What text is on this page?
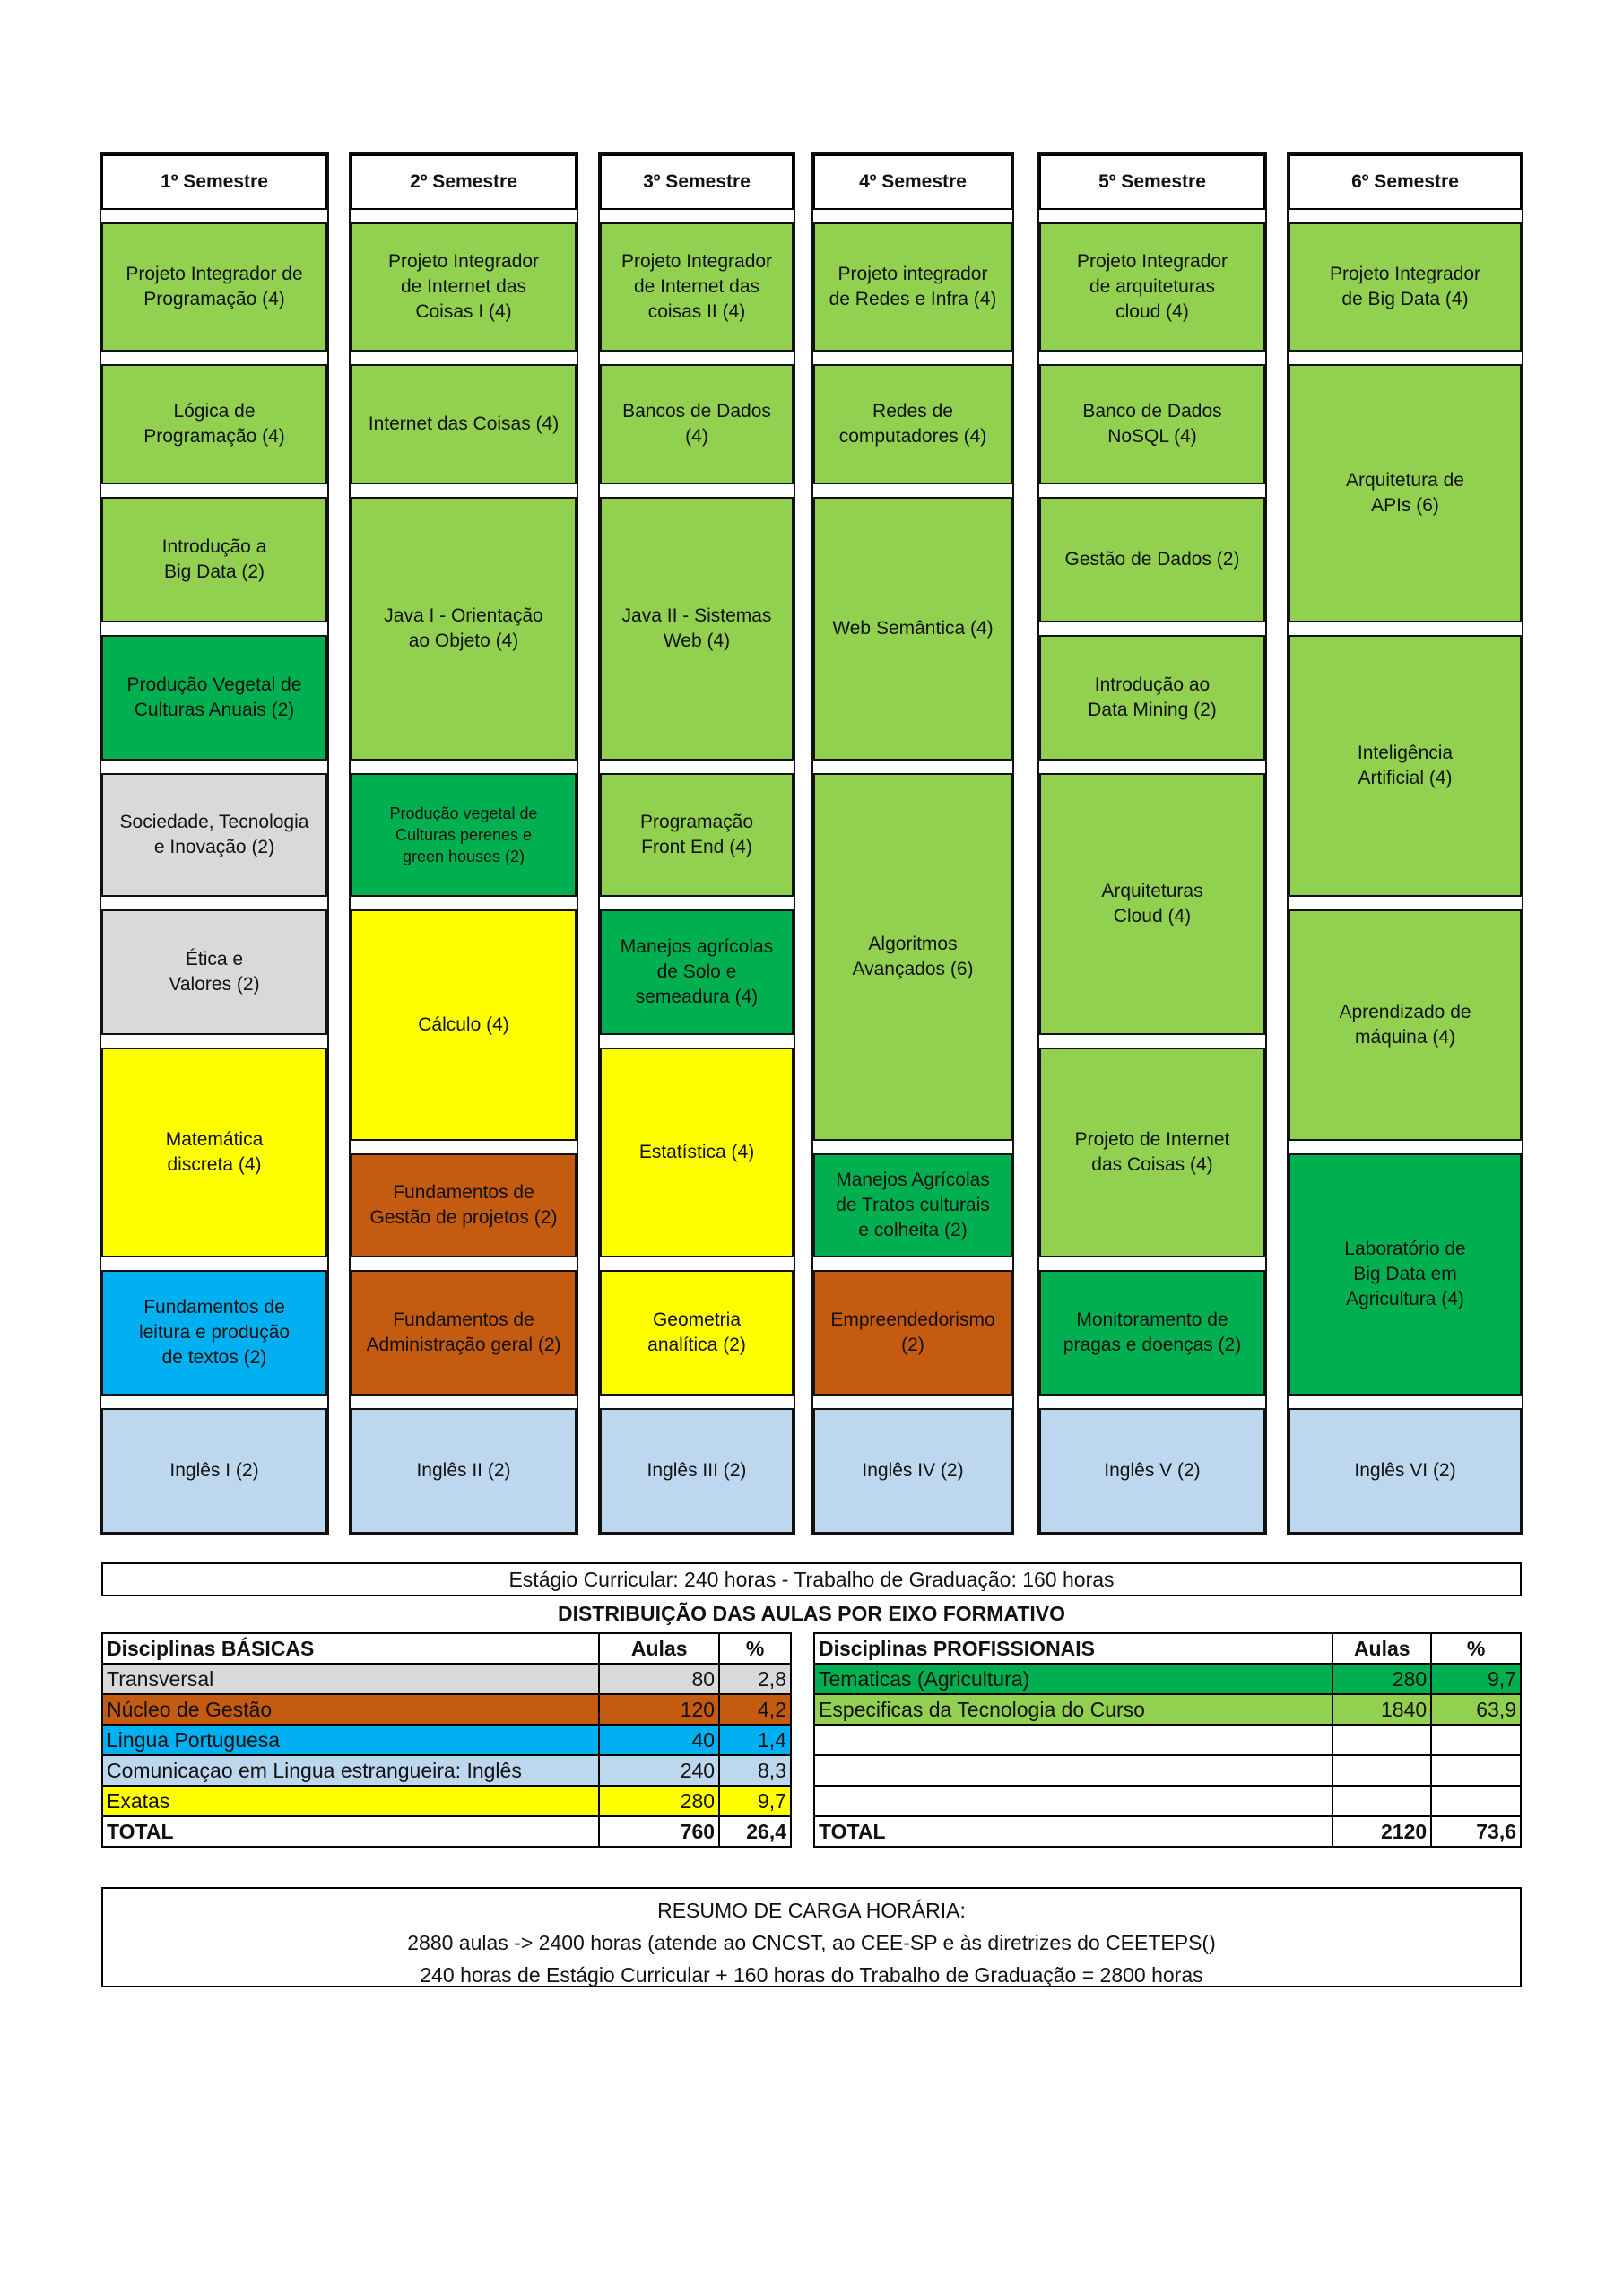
1º Semestre
Projeto Integrador de
Programação (4)
Lógica de
Programação (4)
Introdução a
Big Data (2)
Produção Vegetal de
Culturas Anuais (2)
Sociedade, Tecnologia
e Inovação (2)
Ética e
Valores (2)
Matemática
discreta (4)
Fundamentos de
leitura e produção
de textos (2)
Inglês I (2)
2º Semestre
Projeto Integrador
de Internet das
Coisas I (4)
Internet das Coisas (4)
Java I - Orientação
ao Objeto (4)
Produção vegetal de
Culturas perenes e
green houses (2)
Cálculo (4)
Fundamentos de
Gestão de projetos (2)
Fundamentos de
Administração geral (2)
Inglês II (2)
3º Semestre
Projeto Integrador
de Internet das
coisas II (4)
Bancos de Dados
(4)
Java II - Sistemas
Web (4)
Programação
Front End (4)
Manejos agrícolas
de Solo e
semeadura (4)
Estatística (4)
Geometria
analítica (2)
Inglês III (2)
4º Semestre
Projeto integrador
de Redes e Infra (4)
Redes de
computadores (4)
Web Semântica (4)
Algoritmos
Avançados (6)
Manejos Agrícolas
de Tratos culturais
e colheita (2)
Empreendedorismo
(2)
Inglês IV (2)
5º Semestre
Projeto Integrador
de arquiteturas
cloud (4)
Banco de Dados
NoSQL (4)
Gestão de Dados (2)
Introdução ao
Data Mining (2)
Arquiteturas
Cloud (4)
Projeto de Internet
das Coisas (4)
Monitoramento de
pragas e doenças (2)
Inglês V (2)
6º Semestre
Projeto Integrador
de Big Data (4)
Arquitetura de
APIs (6)
Inteligência
Artificial (4)
Aprendizado de
máquina (4)
Laboratório de
Big Data em
Agricultura (4)
Inglês VI (2)
Estágio Curricular: 240 horas - Trabalho de Graduação: 160 horas
DISTRIBUIÇÃO DAS AULAS POR EIXO FORMATIVO
Disciplinas BÁSICAS	Aulas	%
Transversal	80	2,8
Núcleo de Gestão	120	4,2
Lingua Portuguesa	40	1,4
Comunicaçao em Lingua estrangueira: Inglês	240	8,3
Exatas	280	9,7
TOTAL	760	26,4
Disciplinas PROFISSIONAIS	Aulas	%
Tematicas (Agricultura)	280	9,7
Especificas da Tecnologia do Curso	1840	63,9

TOTAL	2120	73,6
RESUMO DE CARGA HORÁRIA:
2880 aulas -> 2400 horas (atende ao CNCST, ao CEE-SP e às diretrizes do CEETEPS()
240 horas de Estágio Curricular + 160 horas do Trabalho de Graduação = 2800 horas
